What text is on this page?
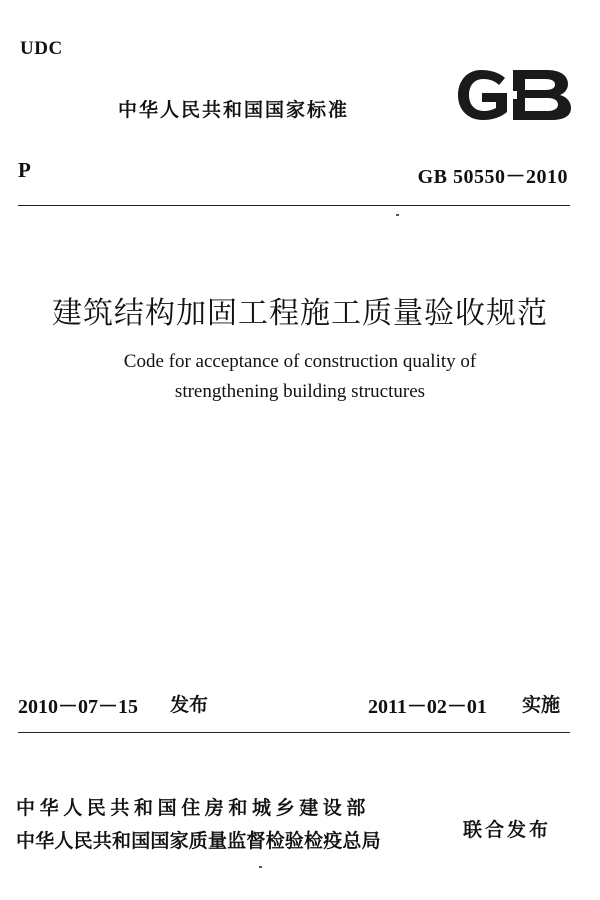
UDC
中华人民共和国国家标准
P	GB 50550－2010
建筑结构加固工程施工质量验收规范
Code for acceptance of construction quality of
strengthening building structures
2010－07－15 发布	2011－02－01 实施
中华人民共和国住房和城乡建设部
中华人民共和国国家质量监督检验检疫总局	联合发布
